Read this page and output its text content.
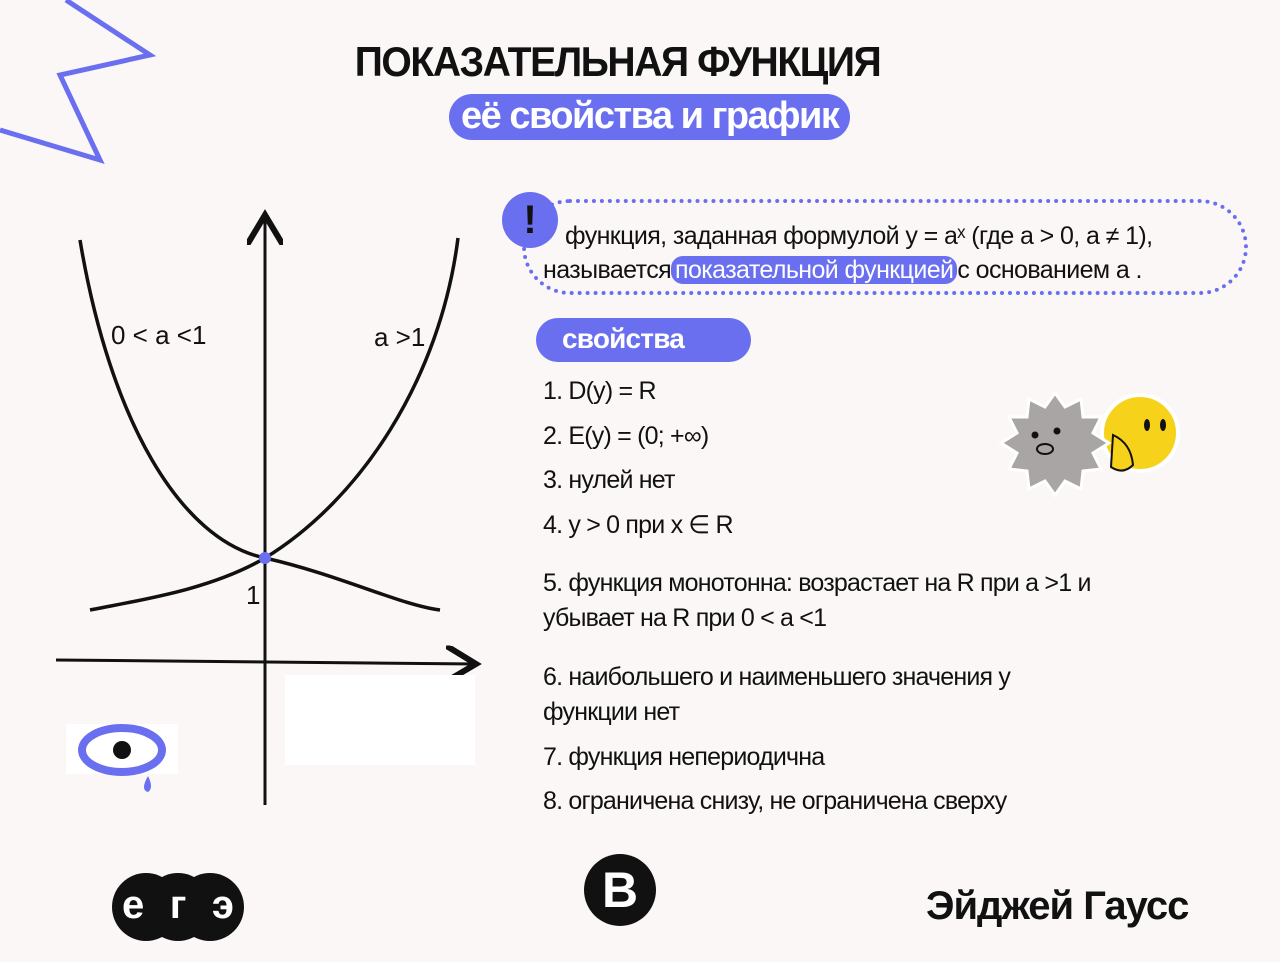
ПОКАЗАТЕЛЬНАЯ ФУНКЦИЯ
её свойства и график
!	функция, заданная формулой y = aˣ (где a > 0, a ≠ 1),
называется показательной функцией с основанием a .
0 < a <1	a >1
1
свойства
1. D(y) = R
2. E(y) = (0; +∞)
3. нулей нет
4. y > 0 при x ∈ R
5. функция монотонна: возрастает на R при a >1 и
убывает на R при 0 < a <1
6. наибольшего и наименьшего значения у
функции нет
7. функция непериодична
8. ограничена снизу, не ограничена сверху
е г э	В	Эйджей Гаусс
